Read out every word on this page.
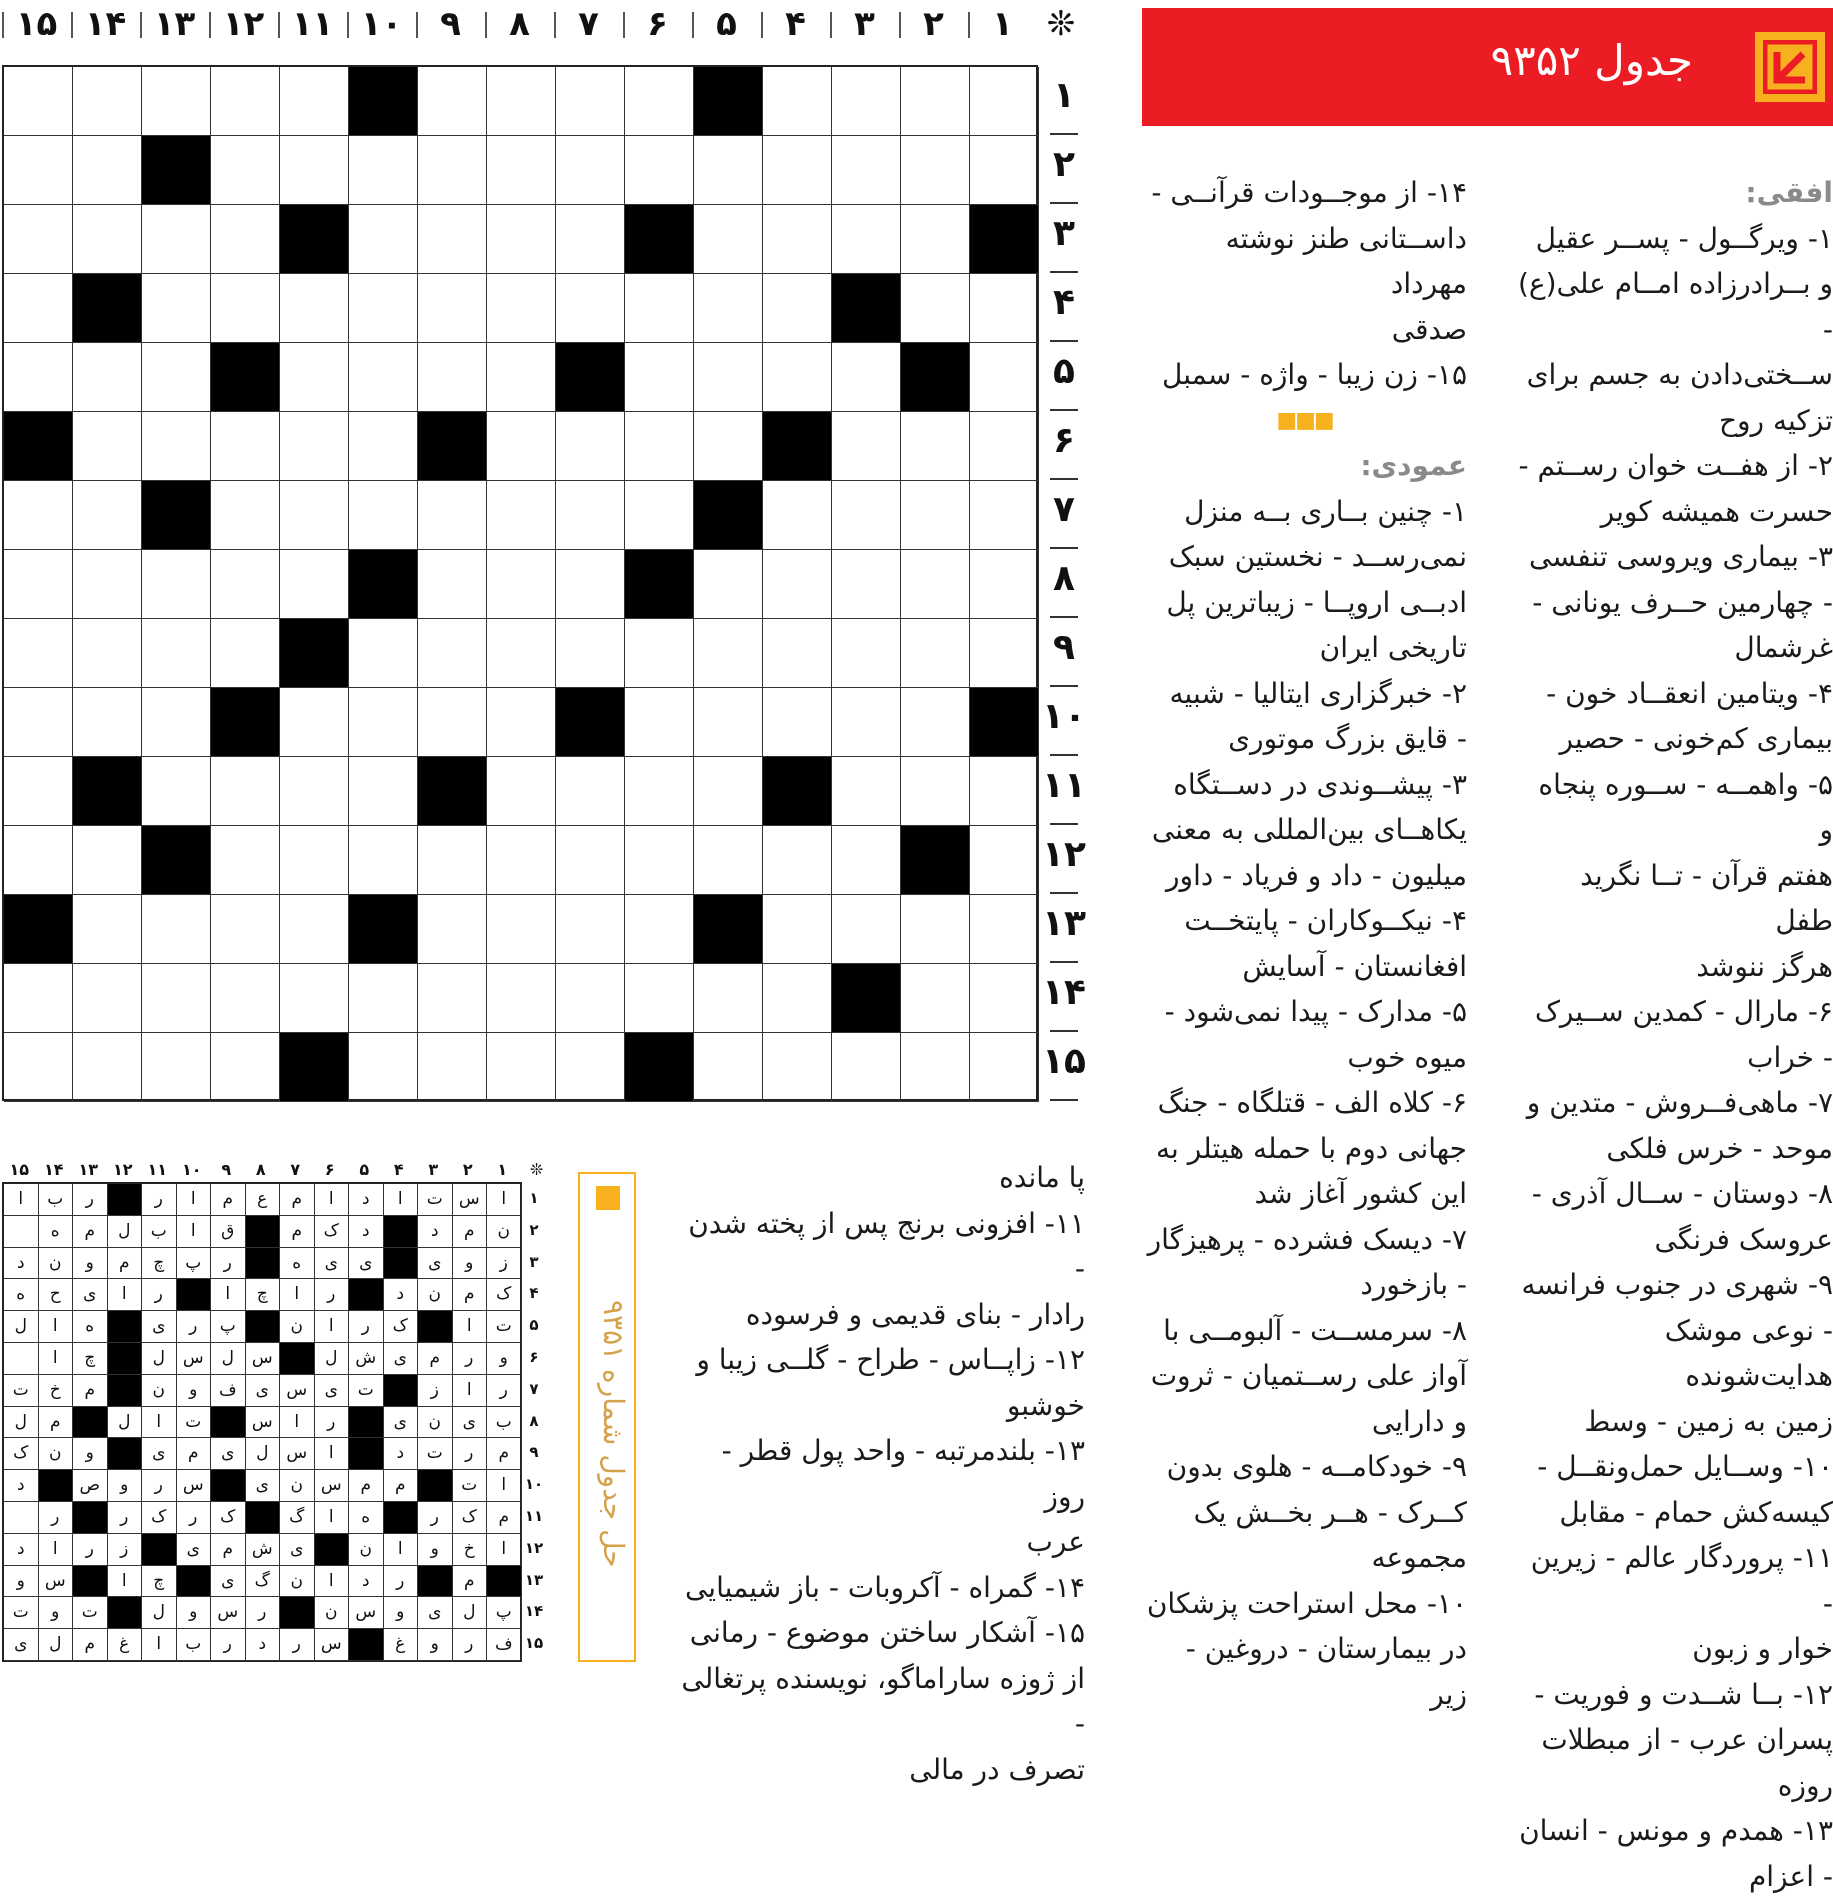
۱
۲
۳
۴
۵
۶
۷
۸
۹
۱۰
۱۱
۱۲
۱۳
۱۴
۱۵	❊
۱
۲
۳
۴
۵
۶
۷
۸
۹
۱۰
۱۱
۱۲
۱۳
۱۴
۱۵
جدول ۹۳۵۲
افقی:
۱- ویرگــول - پســر عقیل
و بــرادرزاده امــام علی(ع) -
ســختی‌دادن به جسم برای
تزکیه روح
۲- از هفــت خوان رســتم -
حسرت همیشه کویر
۳- بیماری ویروسی تنفسی
- چهارمین حــرف یونانی -
غرشمال
۴- ویتامین انعقــاد خون -
بیماری کم‌خونی - حصیر
۵- واهمــه - ســوره پنجاه و
هفتم قرآن - تــا نگرید طفل
هرگز ننوشد
۶- مارال - کمدین ســیرک
- خراب
۷- ماهی‌فــروش - متدین و
موحد - خرس فلکی
۸- دوستان - ســال آذری -
عروسک فرنگی
۹- شهری در جنوب فرانسه
- نوعی موشک هدایت‌شونده
زمین به زمین - وسط
۱۰- وســایل حمل‌ونقــل -
کیسه‌کش حمام - مقابل
۱۱- پروردگار عالم - زیرین -
خوار و زبون
۱۲- بــا شــدت و فوریت -
پسران عرب - از مبطلات روزه
۱۳- همدم و مونس - انسان
- اعزام
۱۴- از موجــودات قرآنــی -
داســتانی طنز نوشته مهرداد
صدقی
۱۵- زن زیبا - واژه - سمبل
■■■
عمودی:
۱- چنین بــاری بــه منزل
نمی‌رســد - نخستین سبک
ادبــی اروپــا - زیباترین پل
تاریخی ایران
۲- خبرگزاری ایتالیا - شبیه
- قایق بزرگ موتوری
۳- پیشــوندی در دســتگاه
یکاهــای بین‌المللی به معنی
میلیون - داد و فریاد - داور
۴- نیکــوکاران - پایتخــت
افغانستان - آسایش
۵- مدارک - پیدا نمی‌شود -
میوه خوب
۶- کلاه الف - قتلگاه - جنگ
جهانی دوم با حمله هیتلر به
این کشور آغاز شد
۷- دیسک فشرده - پرهیزگار
- بازخورد
۸- سرمســت - آلبومــی با
آواز علی رســتمیان - ثروت
و دارایی
۹- خودکامــه - هلوی بدون
کــرک - هــر بخــش یک
مجموعه
۱۰- محل استراحت پزشکان
در بیمارستان - دروغین - زیر
پا مانده
۱۱- افزونی برنج پس از پخته شدن -
رادار - بنای قدیمی و فرسوده
۱۲- زاپــاس - طراح - گلــی زیبا و
خوشبو
۱۳- بلندمرتبه - واحد پول قطر - روز
عرب
۱۴- گمراه - آکروبات - باز شیمیایی
۱۵- آشکار ساختن موضوع - رمانی
از ژوزه ساراماگو، نویسنده پرتغالی -
تصرف در مالی
۱
۲
۳
۴
۵
۶
۷
۸
۹
۱۰
۱۱
۱۲
۱۳
۱۴
۱۵	❊
ا
س
ت
ا
د
ا
م
ع
م
ا
ر
ر
ب
ا
ن
م
د
د
ک
م
ق
ا
ب
ل
م
ه
ز
و
ی
ی
ی
ه
ر
پ
چ
م
و
ن
د
ک
م
ن
د
ر
ا
چ
ا
ر
ا
ی
ح
ه
ت
ا
ک
ر
ا
ن
پ
ر
ی
ه
ا
ل
و
ر
م
ی
ش
ل
س
ل
س
ل
چ
ا
ر
ا
ز
ت
ی
س
ی
ف
و
ن
م
خ
ت
ب
ی
ن
ی
ر
ا
س
ت
ا
ل
م
ل
م
ر
ت
د
ا
س
ل
ی
م
ی
و
ن
ک
ا
ت
م
م
س
ن
ی
س
ر
و
ص
د
م
ک
ر
ه
ا
گ
ک
ر
ک
ر
ر
ا
خ
و
ا
ن
ی
ش
م
ی
ز
ر
ا
د
م
ر
د
ا
ن
گ
ی
چ
ا
س
و
پ
ل
ی
و
س
ن
ر
س
و
ل
ت
و
ت
ف
ر
و
غ
س
ر
د
ر
ب
ا
غ
م
ل
ی
۱
۲
۳
۴
۵
۶
۷
۸
۹
۱۰
۱۱
۱۲
۱۳
۱۴
۱۵
حل جدول شماره ۹۳۵۱
